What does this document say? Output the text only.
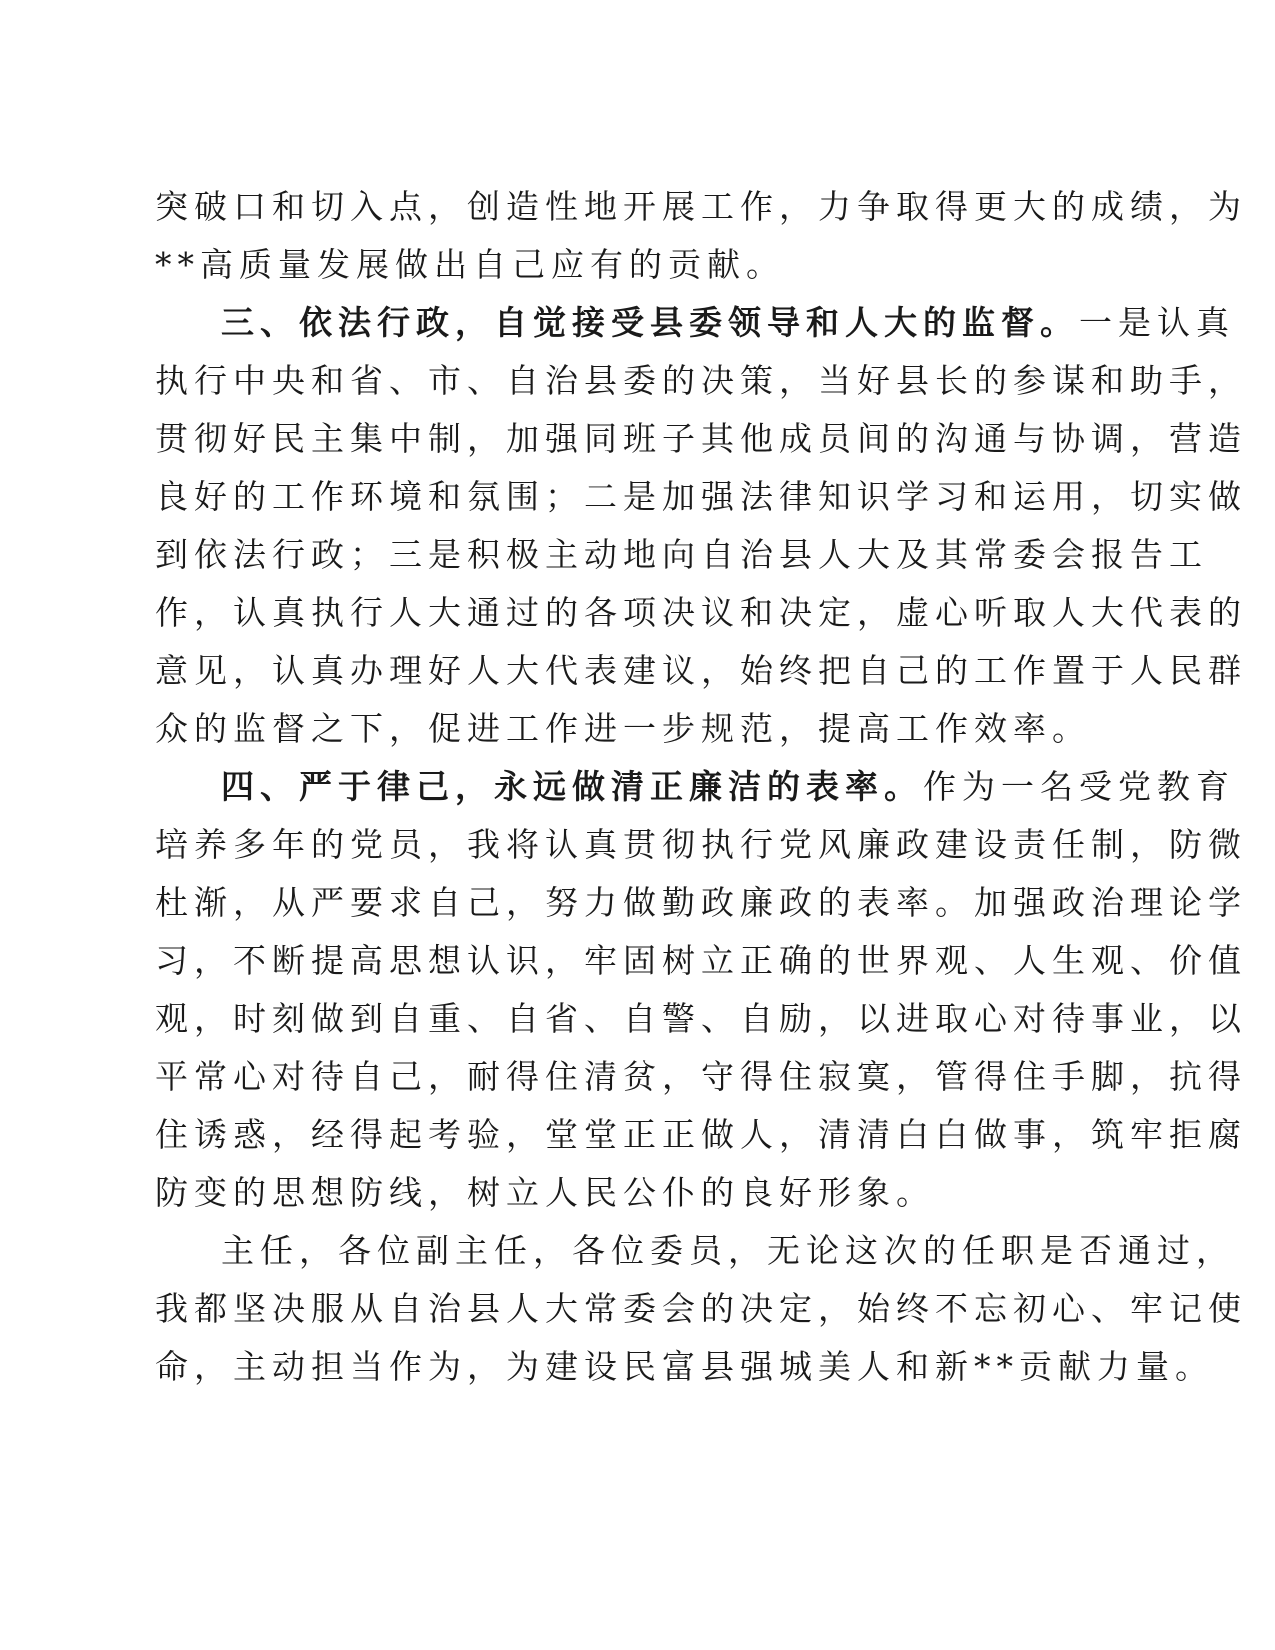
突破口和切入点，创造性地开展工作，力争取得更大的成绩，为
**高质量发展做出自己应有的贡献。
三、依法行政，自觉接受县委领导和人大的监督。一是认真
执行中央和省、市、自治县委的决策，当好县长的参谋和助手，
贯彻好民主集中制，加强同班子其他成员间的沟通与协调，营造
良好的工作环境和氛围；二是加强法律知识学习和运用，切实做
到依法行政；三是积极主动地向自治县人大及其常委会报告工
作，认真执行人大通过的各项决议和决定，虚心听取人大代表的
意见，认真办理好人大代表建议，始终把自己的工作置于人民群
众的监督之下，促进工作进一步规范，提高工作效率。
四、严于律己，永远做清正廉洁的表率。作为一名受党教育
培养多年的党员，我将认真贯彻执行党风廉政建设责任制，防微
杜渐，从严要求自己，努力做勤政廉政的表率。加强政治理论学
习，不断提高思想认识，牢固树立正确的世界观、人生观、价值
观，时刻做到自重、自省、自警、自励，以进取心对待事业，以
平常心对待自己，耐得住清贫，守得住寂寞，管得住手脚，抗得
住诱惑，经得起考验，堂堂正正做人，清清白白做事，筑牢拒腐
防变的思想防线，树立人民公仆的良好形象。
主任，各位副主任，各位委员，无论这次的任职是否通过，
我都坚决服从自治县人大常委会的决定，始终不忘初心、牢记使
命，主动担当作为，为建设民富县强城美人和新**贡献力量。
